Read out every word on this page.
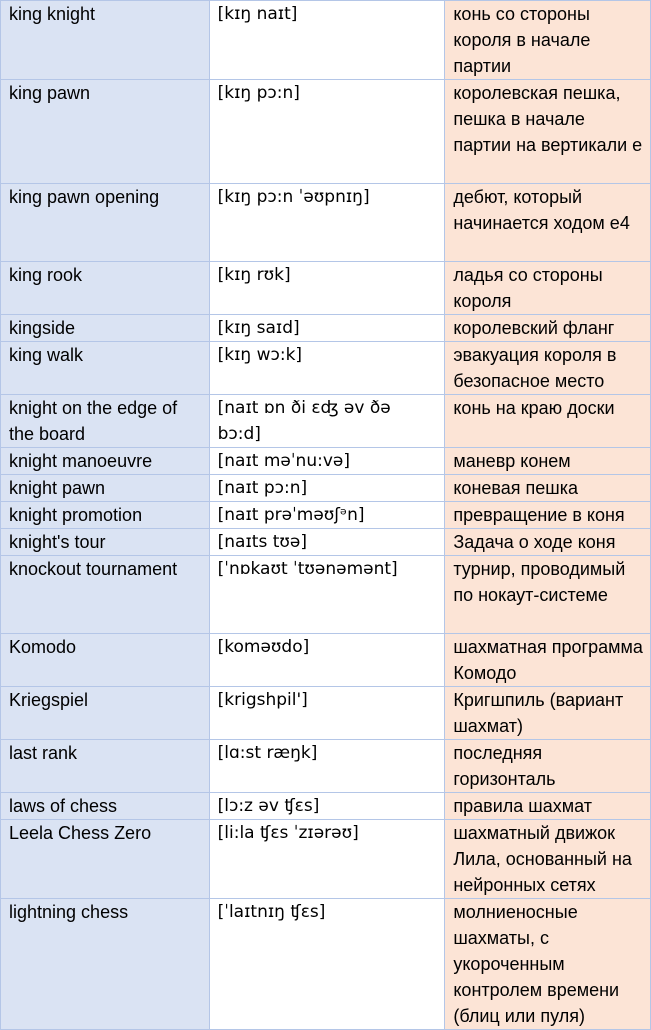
king knight	[kɪŋ naɪt]	конь со стороны короля в начале партии
king pawn	[kɪŋ pɔ:n]	королевская пешка, пешка в начале партии на вертикали е
king pawn opening	[kɪŋ pɔ:n ˈəʊpnɪŋ]	дебют, который начинается ходом е4
king rook	[kɪŋ rʊk]	ладья со стороны короля
kingside	[kɪŋ saɪd]	королевский фланг
king walk	[kɪŋ wɔ:k]	эвакуация короля в безопасное место
knight on the edge of the board	[naɪt ɒn ði ɛʤ əv ðə bɔ:d]	конь на краю доски
knight manoeuvre	[naɪt məˈnu:və]	маневр конем
knight pawn	[naɪt pɔ:n]	коневая пешка
knight promotion	[naɪt prəˈməʊʃᵊn]	превращение в коня
knight's tour	[naɪts tʊə]	Задача о ходе коня
knockout tournament	[ˈnɒkaʊt ˈtʊənəmənt]	турнир, проводимый по нокаут-системе
Komodo	[koməʊdo]	шахматная программа Комодо
Kriegspiel	[krigshpil']	Кригшпиль (вариант шахмат)
last rank	[lɑ:st ræŋk]	последняя горизонталь
laws of chess	[lɔ:z əv ʧɛs]	правила шахмат
Leela Chess Zero	[li:la ʧɛs ˈzɪərəʊ]	шахматный движок Лила, основанный на нейронных сетях
lightning chess	[ˈlaɪtnɪŋ ʧɛs]	молниеносные шахматы, с укороченным контролем времени (блиц или пуля)
